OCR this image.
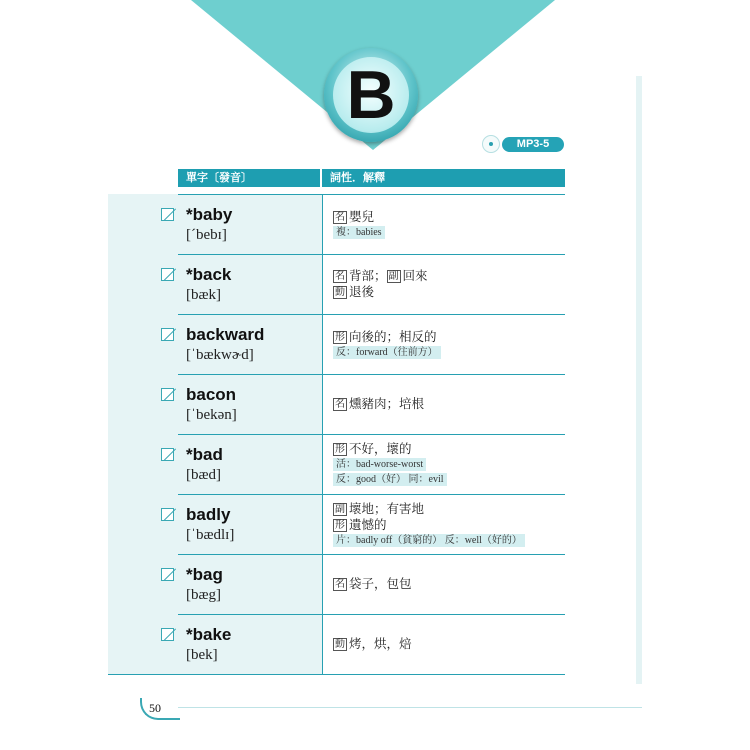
B
MP3-5
單字〔發音〕	詞性．解釋
*baby
[ˊbebɪ]
名 嬰兒
複：babies
*back
[bæk]
名 背部； 副 回來
動 退後
backward
[ˈbækwɚd]
形 向後的；相反的
反：forward（往前方）
bacon
[ˈbekən]
名 燻豬肉；培根
*bad
[bæd]
形 不好，壞的
活：bad-worse-worst
反：good（好） 同：evil
badly
[ˈbædlɪ]
副 壞地；有害地
形 遺憾的
片：badly off（貧窮的） 反：well（好的）
*bag
[bæg]
名 袋子，包包
*bake
[bek]
動 烤，烘，焙
50
